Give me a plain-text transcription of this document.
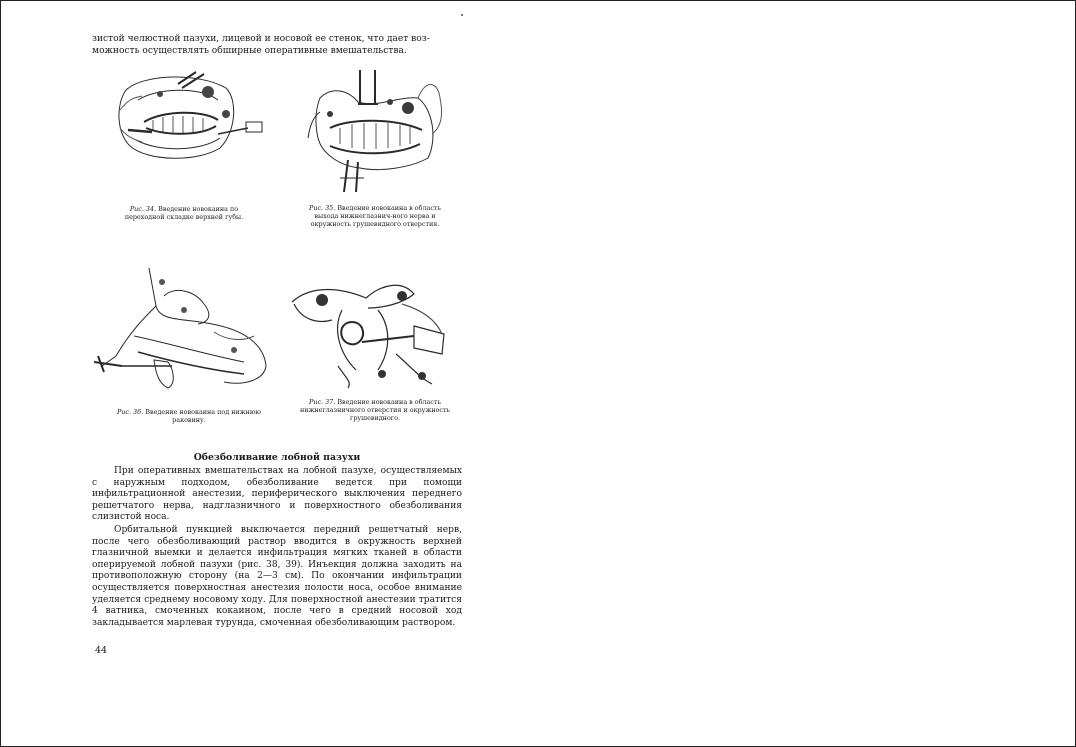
зистой челюстной пазухи, лицевой и носовой ее стенок, что дает воз-
можность осуществлять обширные оперативные вмешательства.
Рис. 34. Введение новокаина по переходной складке верхней губы.
Рис. 35. Введение новокаина в область выхода нижнеглазнич-ного нерва и окружность грушевидного отверстия.
Рис. 36. Введение новокаина под нижнюю раковину.
Рис. 37. Введение новокаина в область нижнеглазничного отверстия и окружность грушевидного.
Обезболивание лобной пазухи

При оперативных вмешательствах на лобной пазухе, осуществляемых с наружным подходом, обезболивание ведется при помощи инфильтрационной анестезии, периферического выключения переднего решетчатого нерва, надглазничного и поверхностного обезболивания слизистой носа.

Орбитальной пункцией выключается передний решетчатый нерв, после чего обезболивающий раствор вводится в окружность верхней глазничной выемки и делается инфильтрация мягких тканей в области оперируемой лобной пазухи (рис. 38, 39). Инъекция должна заходить на противоположную сторону (на 2—3 см). По окончании инфильтрации осуществляется поверхностная анестезия полости носа, особое внимание уделяется среднему носовому ходу. Для поверхностной анестезии тратится 4 ватника, смоченных кокаином, после чего в средний носовой ход закладывается марлевая турунда, смоченная обезболивающим раствором.

44
